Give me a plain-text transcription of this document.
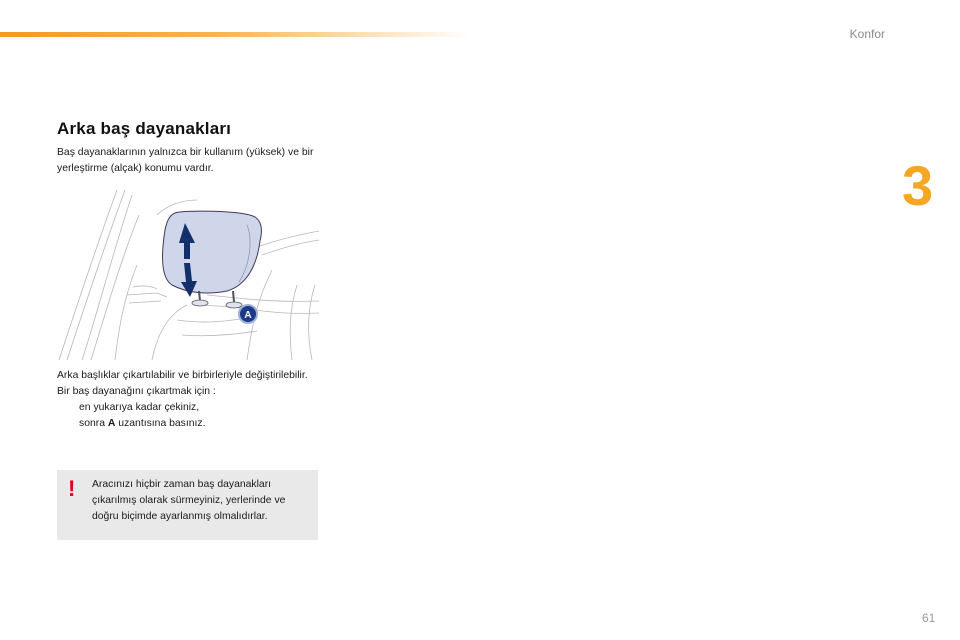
Konfor
3
Arka baş dayanakları
Baş dayanaklarının yalnızca bir kullanım (yüksek) ve bir yerleştirme (alçak) konumu vardır.
A

Arka başlıklar çıkartılabilir ve birbirleriyle değiştirilebilir.

Bir baş dayanağını çıkartmak için :

en yukarıya kadar çekiniz,
sonra A uzantısına basınız.
! Aracınızı hiçbir zaman baş dayanakları çıkarılmış olarak sürmeyiniz, yerlerinde ve doğru biçimde ayarlanmış olmalıdırlar.
61
